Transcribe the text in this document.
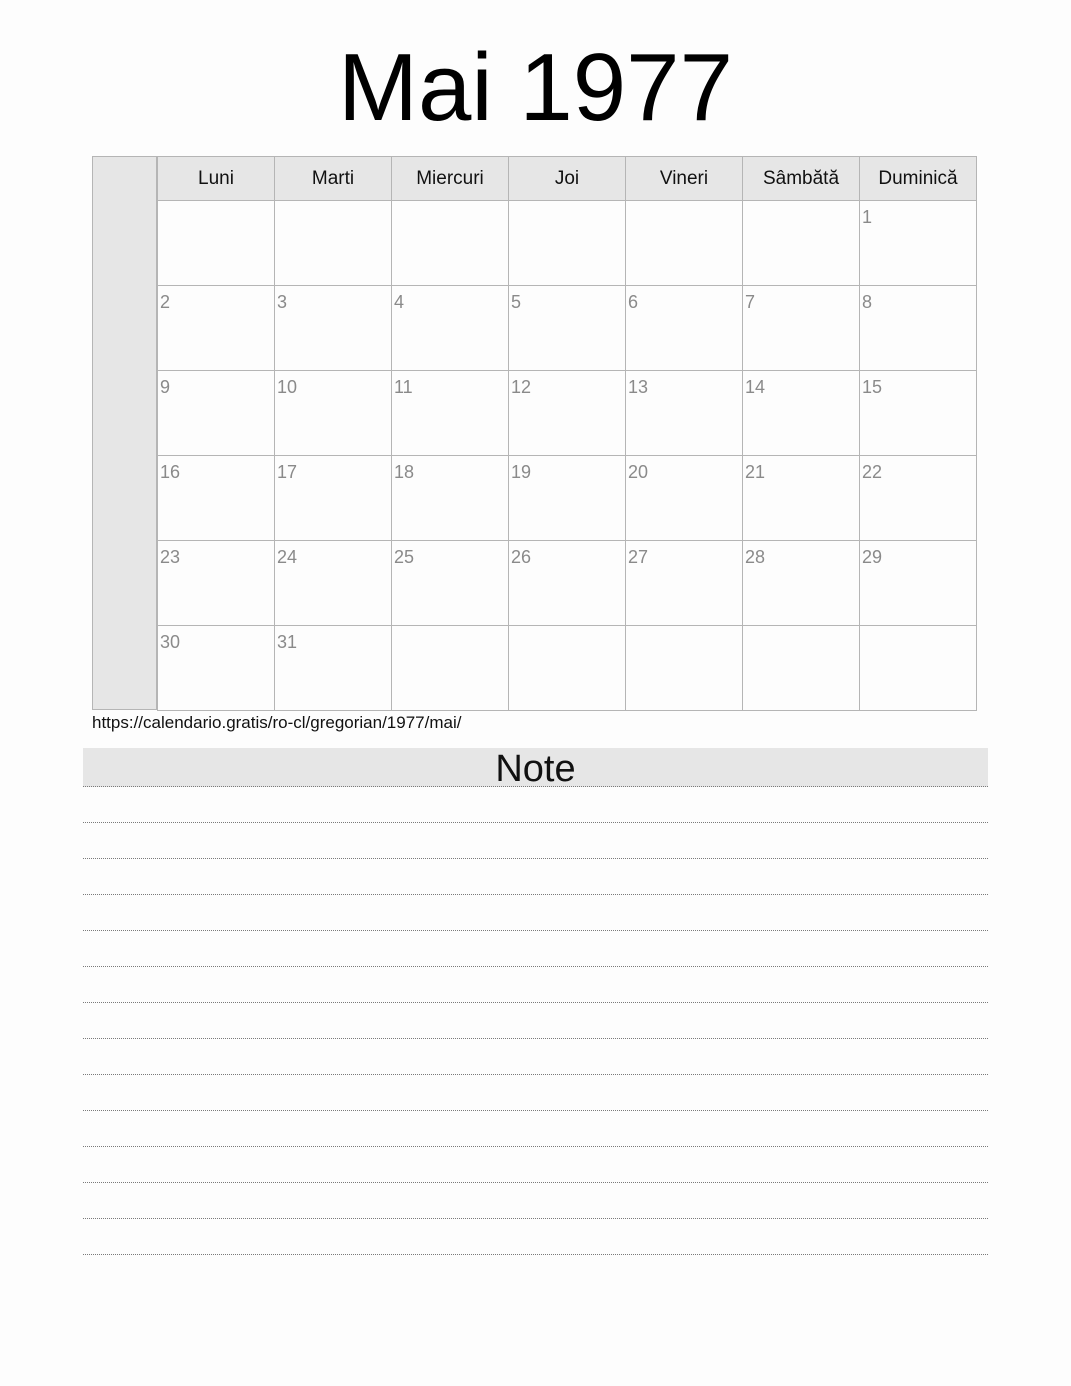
Mai 1977
Luni	Marti	Miercuri	Joi	Vineri	Sâmbătă	Duminică

						1

2	3	4	5	6	7	8

9	10	11	12	13	14	15

16	17	18	19	20	21	22

23	24	25	26	27	28	29

30	31					

https://calendario.gratis/ro-cl/gregorian/1977/mai/
Note
